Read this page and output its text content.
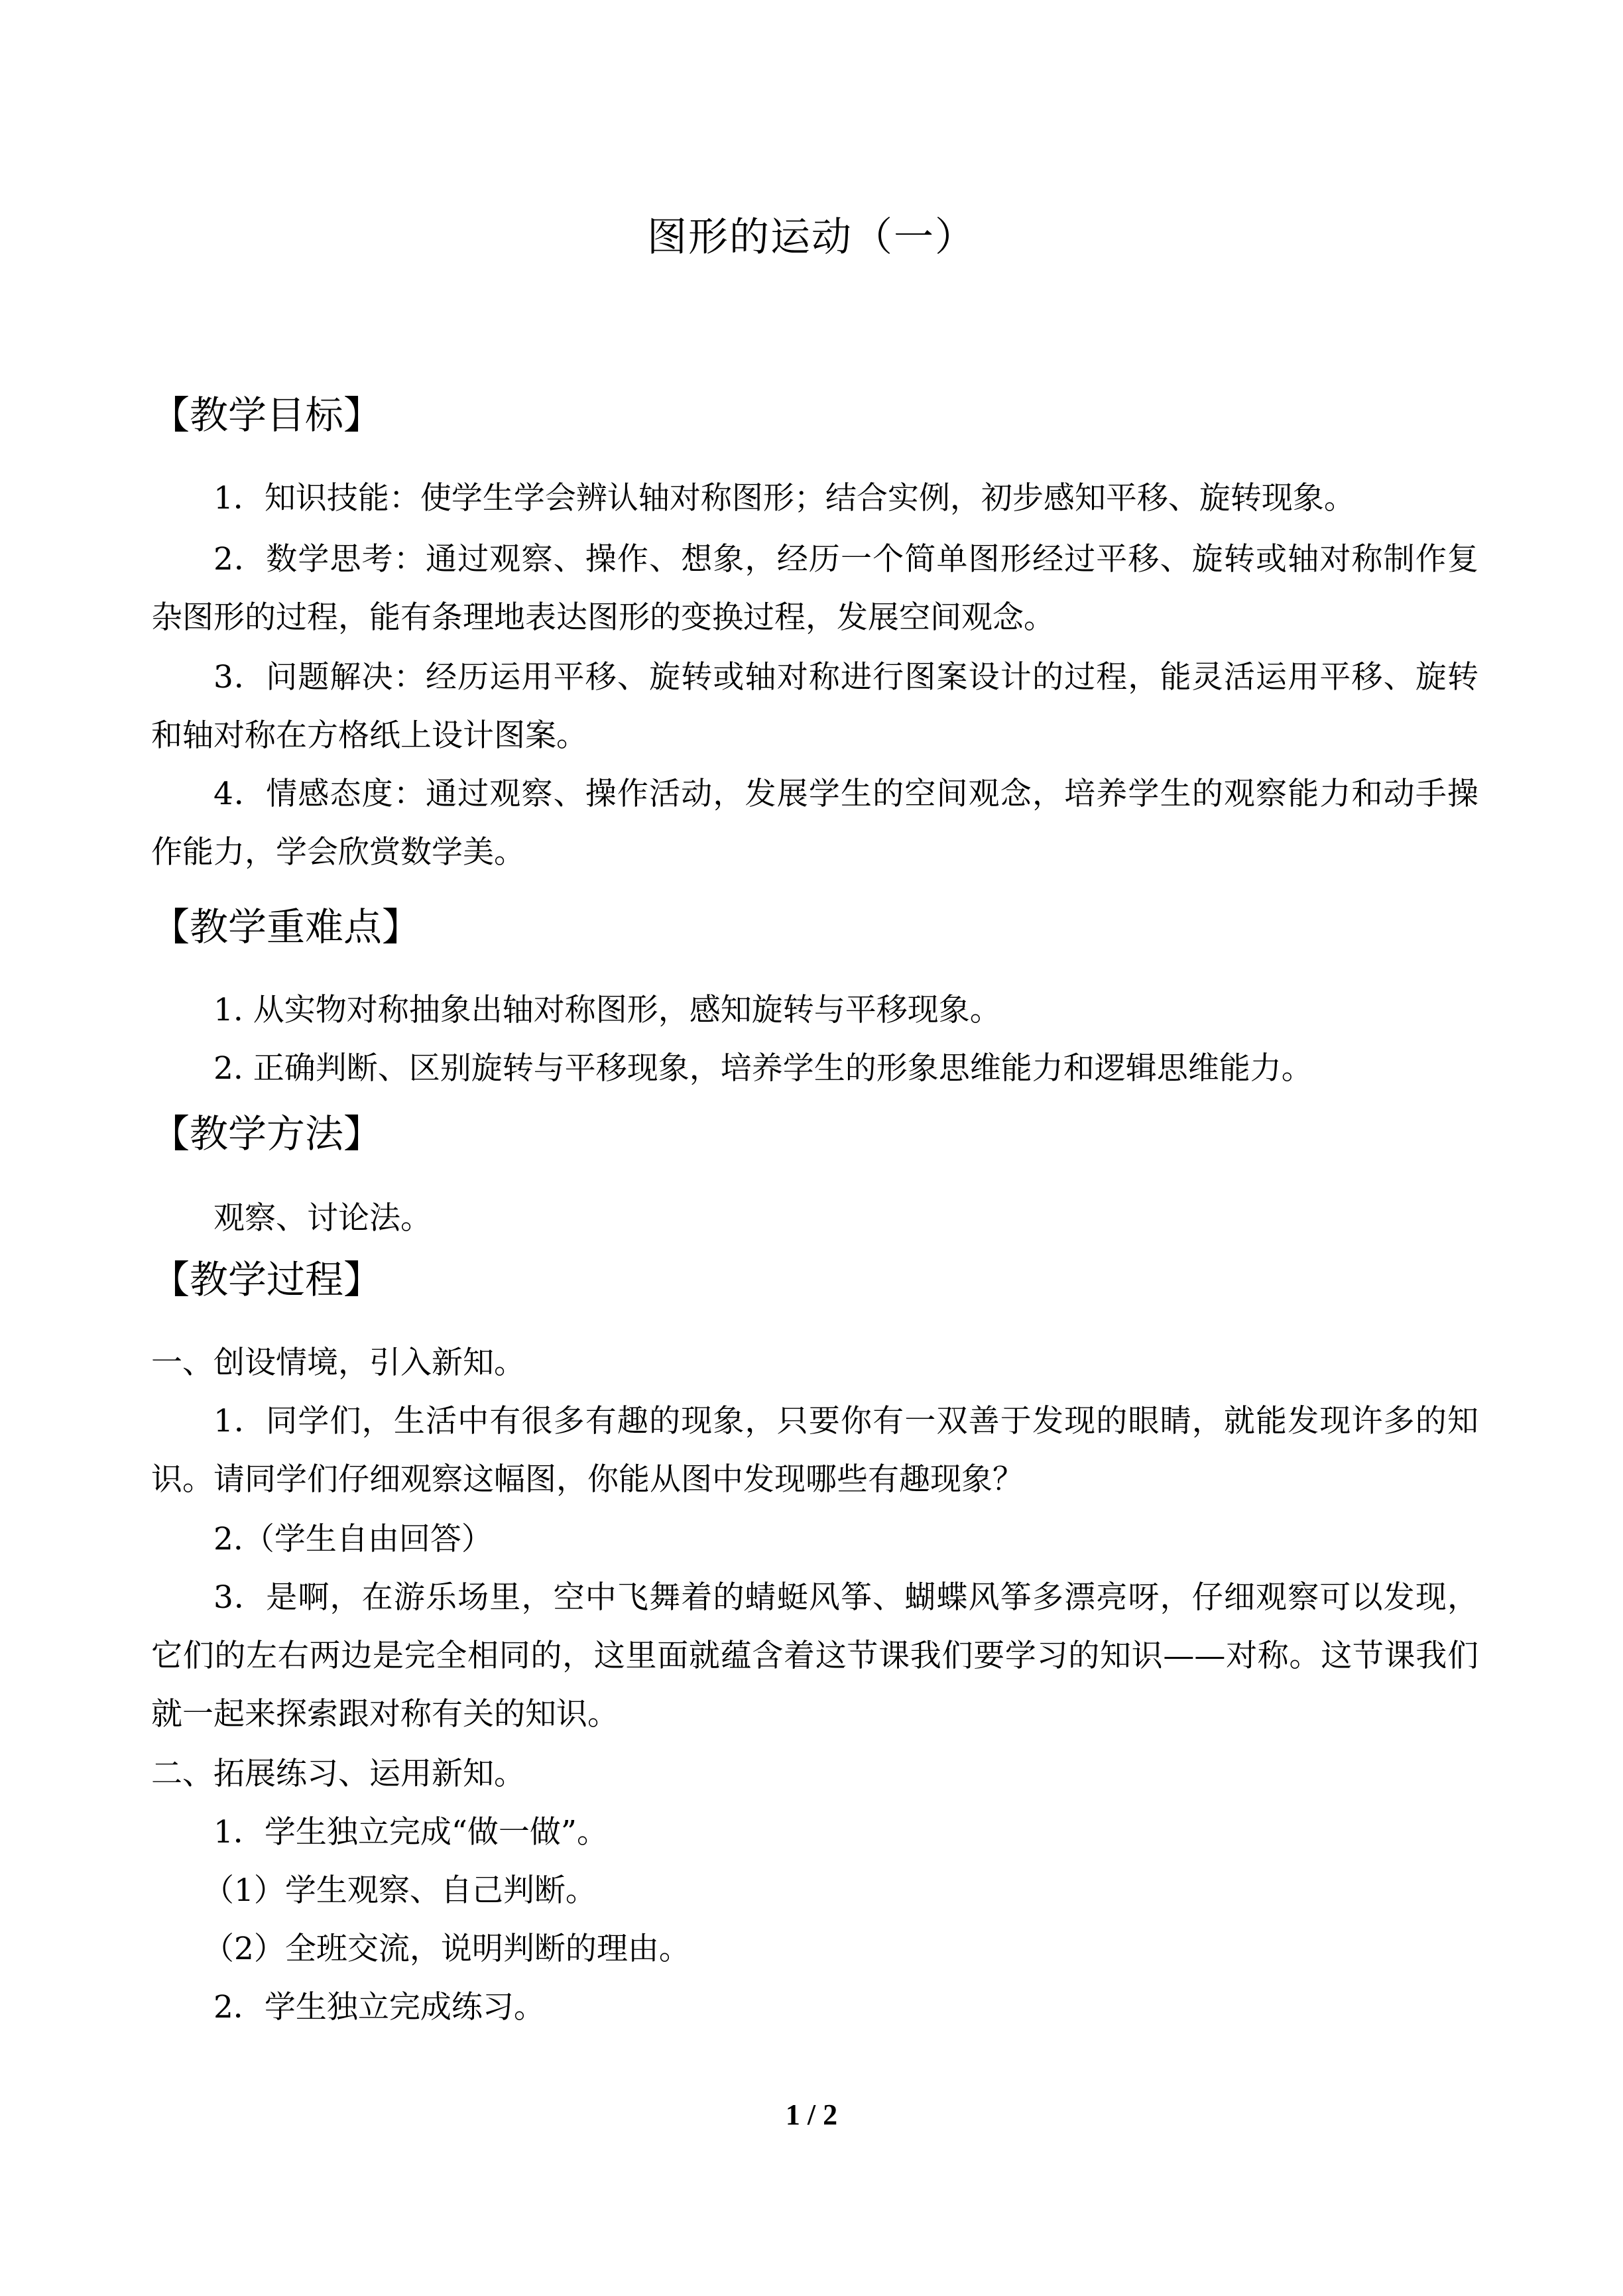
图形的运动（一）
【教学目标】
1．知识技能：使学生学会辨认轴对称图形；结合实例，初步感知平移、旋转现象。
2．数学思考：通过观察、操作、想象，经历一个简单图形经过平移、旋转或轴对称制作复杂图形的过程，能有条理地表达图形的变换过程，发展空间观念。
3．问题解决：经历运用平移、旋转或轴对称进行图案设计的过程，能灵活运用平移、旋转和轴对称在方格纸上设计图案。
4．情感态度：通过观察、操作活动，发展学生的空间观念，培养学生的观察能力和动手操作能力，学会欣赏数学美。
【教学重难点】
1. 从实物对称抽象出轴对称图形，感知旋转与平移现象。
2. 正确判断、区别旋转与平移现象，培养学生的形象思维能力和逻辑思维能力。
【教学方法】
观察、讨论法。
【教学过程】
一、创设情境，引入新知。
1．同学们，生活中有很多有趣的现象，只要你有一双善于发现的眼睛，就能发现许多的知识。请同学们仔细观察这幅图，你能从图中发现哪些有趣现象？
2.（学生自由回答）
3．是啊，在游乐场里，空中飞舞着的蜻蜓风筝、蝴蝶风筝多漂亮呀，仔细观察可以发现，它们的左右两边是完全相同的，这里面就蕴含着这节课我们要学习的知识——对称。这节课我们就一起来探索跟对称有关的知识。
二、拓展练习、运用新知。
1．学生独立完成“做一做”。
（1）学生观察、自己判断。
（2）全班交流，说明判断的理由。
2．学生独立完成练习。
1 / 2
